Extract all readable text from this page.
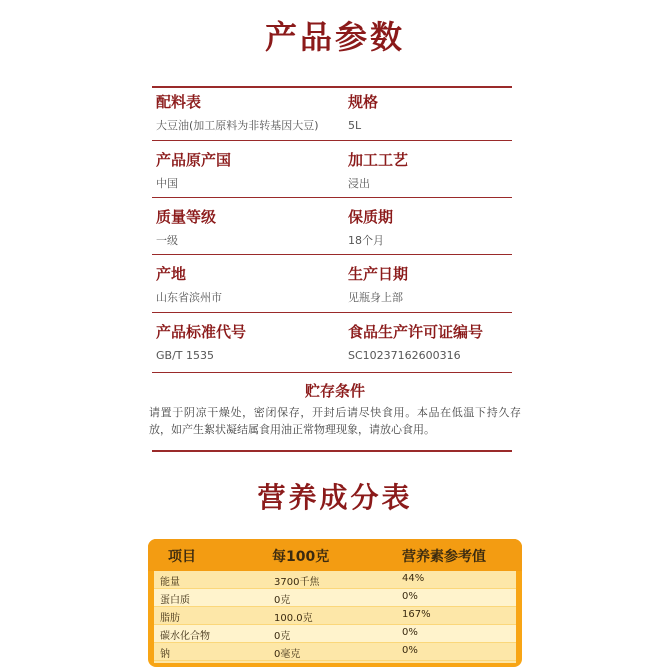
产品参数
配料表
大豆油(加工原料为非转基因大豆)
规格
5L
产品原产国
中国
加工工艺
浸出
质量等级
一级
保质期
18个月
产地
山东省滨州市
生产日期
见瓶身上部
产品标准代号
GB/T 1535
食品生产许可证编号
SC10237162600316
贮存条件
请置于阴凉干燥处，密闭保存，开封后请尽快食用。本品在低温下持久存放，如产生絮状凝结属食用油正常物理现象，请放心食用。
营养成分表
项目	每100克	营养素参考值
能量	3700千焦	44%
蛋白质	0克	0%
脂肪	100.0克	167%
碳水化合物	0克	0%
钠	0毫克	0%
